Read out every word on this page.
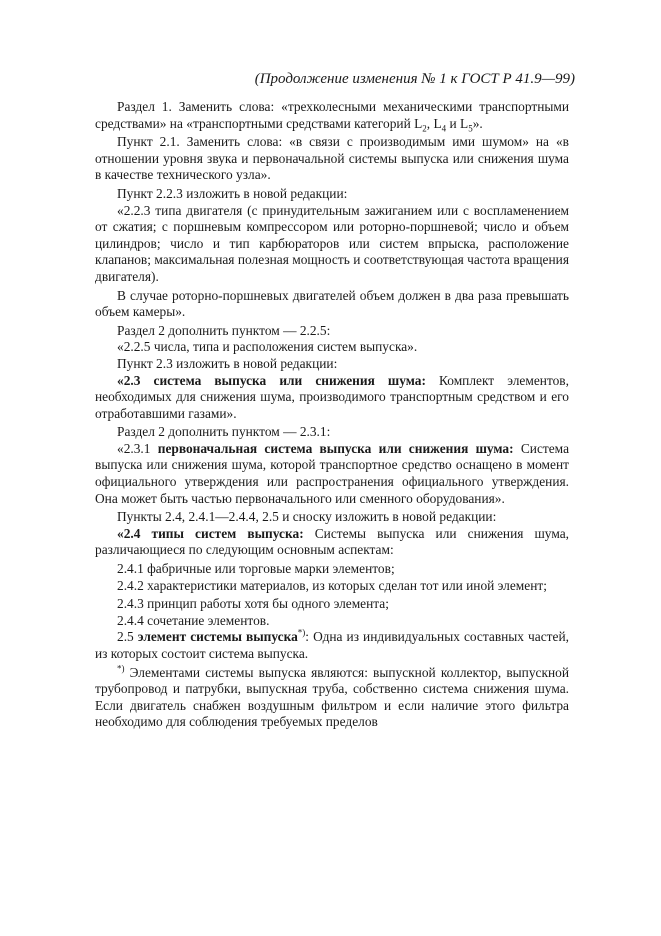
(Продолжение изменения № 1 к ГОСТ Р 41.9—99)

Раздел 1. Заменить слова: «трехколесными механическими транспортными средствами» на «транспортными средствами категорий $L_2$, $L_4$ и $L_5$».

Пункт 2.1. Заменить слова: «в связи с производимым ими шумом» на «в отношении уровня звука и первоначальной системы выпуска или снижения шума в качестве технического узла».

Пункт 2.2.3 изложить в новой редакции:

«2.2.3 типа двигателя (с принудительным зажиганием или с воспламенением от сжатия; с поршневым компрессором или роторно-поршневой; число и объем цилиндров; число и тип карбюраторов или систем впрыска, расположение клапанов; максимальная полезная мощность и соответствующая частота вращения двигателя).

В случае роторно-поршневых двигателей объем должен в два раза превышать объем камеры».

Раздел 2 дополнить пунктом — 2.2.5:

«2.2.5 числа, типа и расположения систем выпуска».

Пункт 2.3 изложить в новой редакции:

«2.3 система выпуска или снижения шума: Комплект элементов, необходимых для снижения шума, производимого транспортным средством и его отработавшими газами».

Раздел 2 дополнить пунктом — 2.3.1:

«2.3.1 первоначальная система выпуска или снижения шума: Система выпуска или снижения шума, которой транспортное средство оснащено в момент официального утверждения или распространения официального утверждения. Она может быть частью первоначального или сменного оборудования».

Пункты 2.4, 2.4.1—2.4.4, 2.5 и сноску изложить в новой редакции:

«2.4 типы систем выпуска: Системы выпуска или снижения шума, различающиеся по следующим основным аспектам:

2.4.1 фабричные или торговые марки элементов;

2.4.2 характеристики материалов, из которых сделан тот или иной элемент;

2.4.3 принцип работы хотя бы одного элемента;

2.4.4 сочетание элементов.

2.5 элемент системы выпуска*): Одна из индивидуальных составных частей, из которых состоит система выпуска.

*) Элементами системы выпуска являются: выпускной коллектор, выпускной трубопровод и патрубки, выпускная труба, собственно система снижения шума. Если двигатель снабжен воздушным фильтром и если наличие этого фильтра необходимо для соблюдения требуемых пределов
